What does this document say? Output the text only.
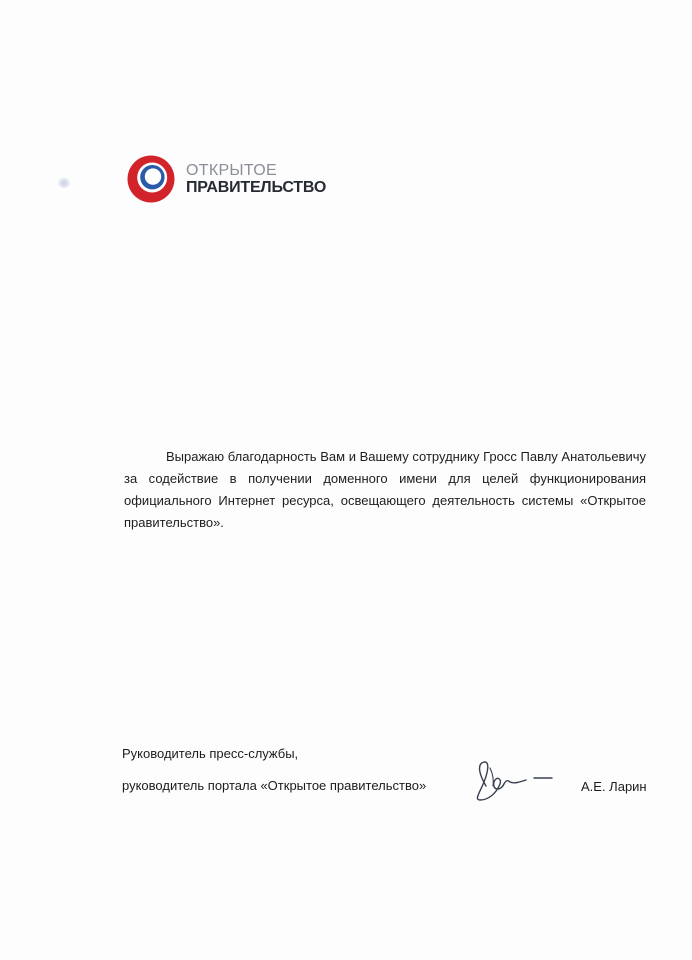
ОТКРЫТОЕ
ПРАВИТЕЛЬСТВО

Выражаю благодарность Вам и Вашему сотруднику Гросс Павлу Анатольевичу за содействие в получении доменного имени для целей функционирования официального Интернет ресурса, освещающего деятельность системы «Открытое правительство».

Руководитель пресс-службы,
руководитель портала «Открытое правительство»	А.Е. Ларин
